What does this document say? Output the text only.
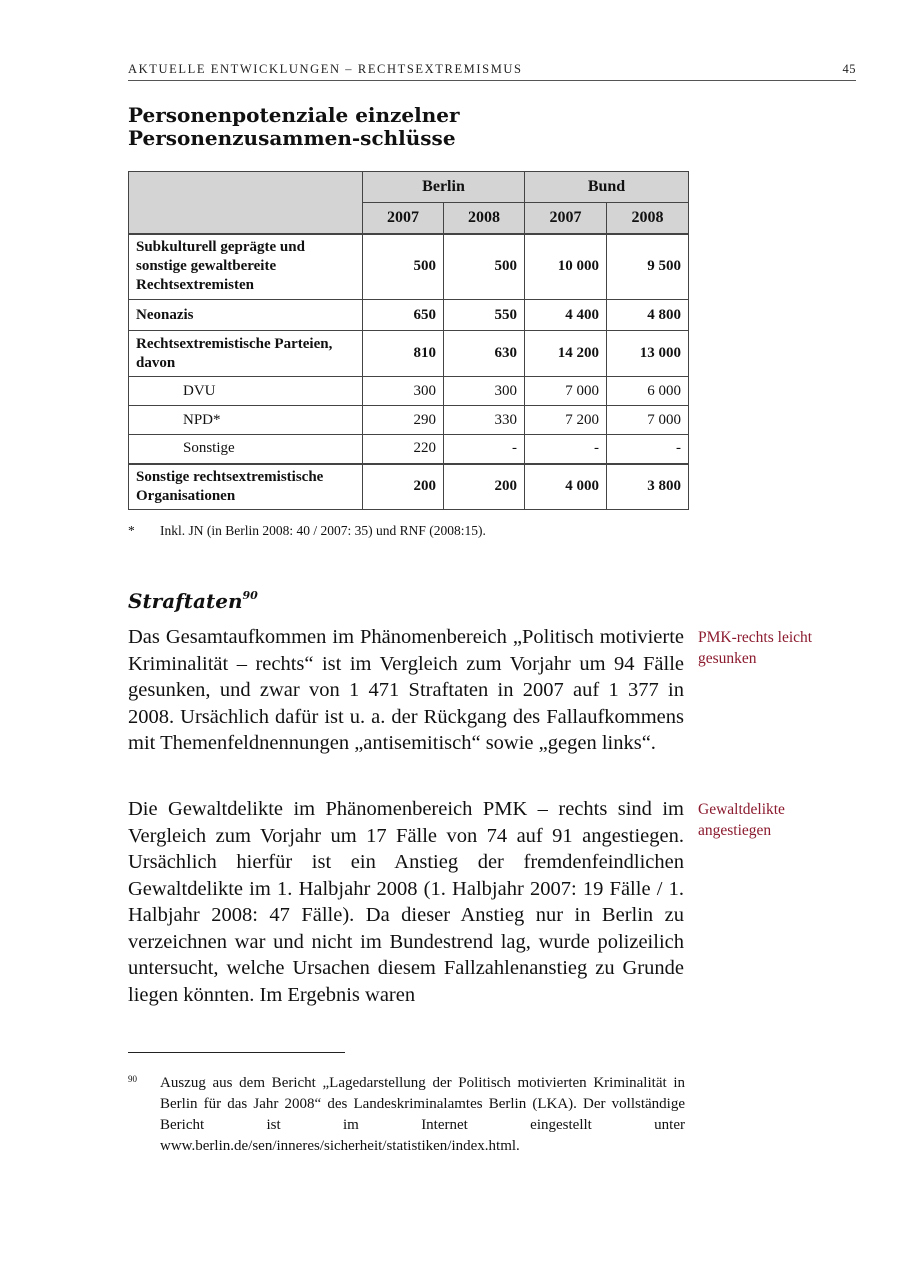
AKTUELLE ENTWICKLUNGEN – RECHTSEXTREMISMUS	45
Personenpotenziale einzelner Personenzusammen-schlüsse
	Berlin		Bund	
	2007	2008	2007	2008
Subkulturell geprägte und sonstige gewaltbereite Rechtsextremisten	500	500	10 000	9 500
Neonazis	650	550	4 400	4 800
Rechtsextremistische Parteien, davon	810	630	14 200	13 000
DVU	300	300	7 000	6 000
NPD*	290	330	7 200	7 000
Sonstige	220	-	-	-
Sonstige rechtsextremistische Organisationen	200	200	4 000	3 800
* Inkl. JN (in Berlin 2008: 40 / 2007: 35) und RNF (2008:15).
Straftaten$^{90}$

Das Gesamtaufkommen im Phänomenbereich „Politisch motivierte Kriminalität – rechts“ ist im Vergleich zum Vorjahr um 94 Fälle gesunken, und zwar von 1 471 Straftaten in 2007 auf 1 377 in 2008. Ursächlich dafür ist u. a. der Rückgang des Fallaufkommens mit Themenfeldnennungen „antisemitisch“ sowie „gegen links“.

PMK-rechts leicht gesunken

Die Gewaltdelikte im Phänomenbereich PMK – rechts sind im Vergleich zum Vorjahr um 17 Fälle von 74 auf 91 angestiegen. Ursächlich hierfür ist ein Anstieg der fremdenfeindlichen Gewaltdelikte im 1. Halbjahr 2008 (1. Halbjahr 2007: 19 Fälle / 1. Halbjahr 2008: 47 Fälle). Da dieser Anstieg nur in Berlin zu verzeichnen war und nicht im Bundestrend lag, wurde polizeilich untersucht, welche Ursachen diesem Fallzahlenanstieg zu Grunde liegen könnten. Im Ergebnis waren

Gewaltdelikte angestiegen
90 Auszug aus dem Bericht „Lagedarstellung der Politisch motivierten Kriminalität in Berlin für das Jahr 2008“ des Landeskriminalamtes Berlin (LKA). Der vollständige Bericht ist im Internet eingestellt unter www.berlin.de/sen/inneres/sicherheit/statistiken/index.html.
